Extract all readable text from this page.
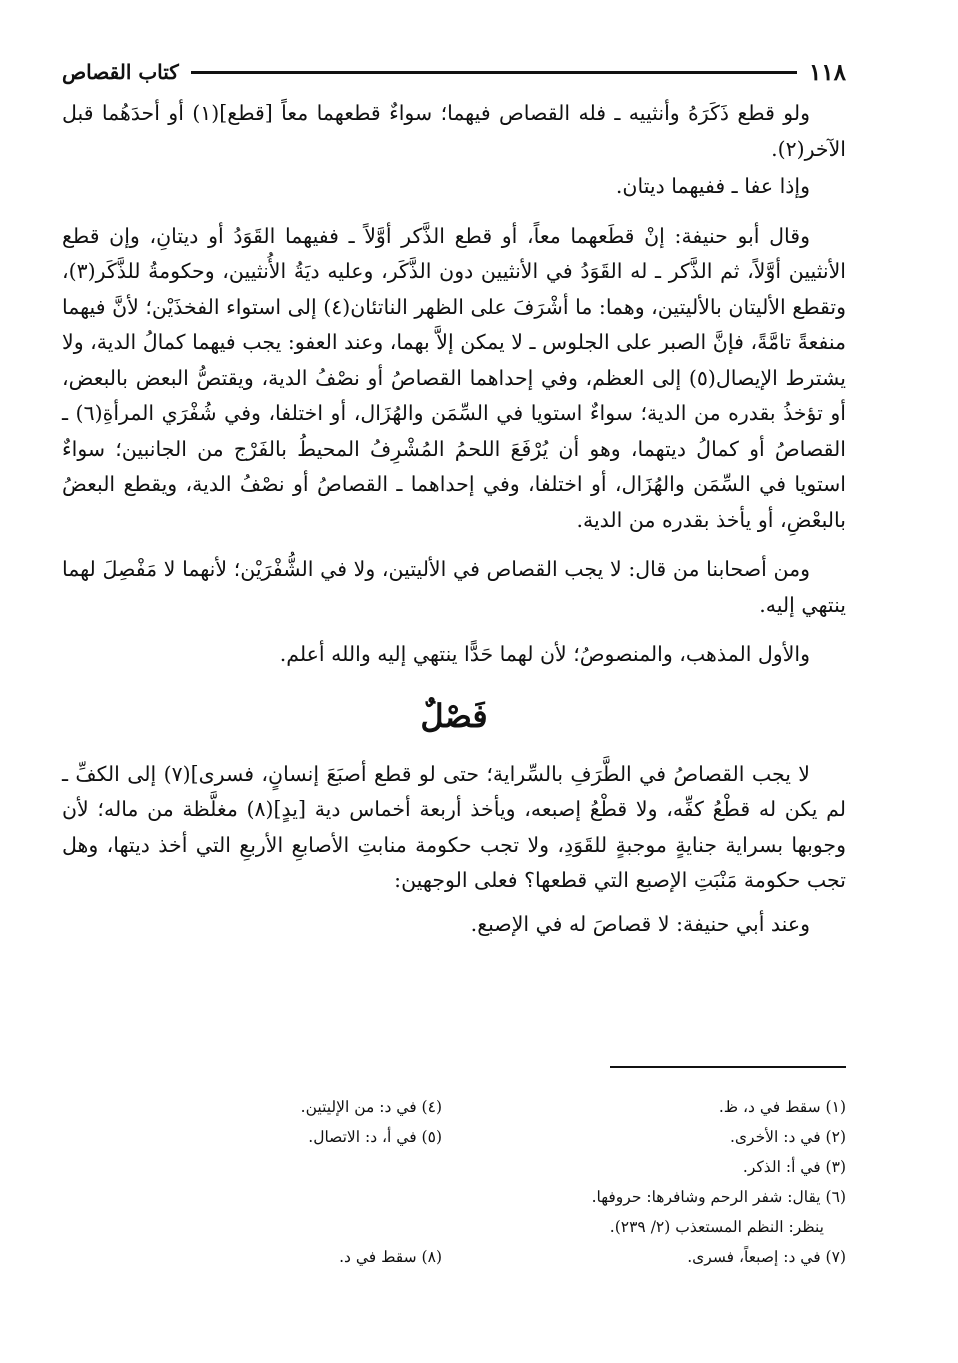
١١٨
كتاب القصاص

ولو قطع ذَكَرَهُ وأنثييه ـ فله القصاص فيهما؛ سواءٌ قطعهما معاً [قطع](١) أو أحدَهُما قبل الآخر(٢).

وإذا عفا ـ ففيهما ديتان.

وقال أبو حنيفة: إنْ قطَعهما معاً، أو قطع الذَّكر أوَّلاً ـ ففيهما القَوَدُ أو ديتانِ، وإن قطع الأنثيين أوَّلاً، ثم الذَّكر ـ له القَوَدُ في الأنثيين دون الذَّكَر، وعليه ديَةُ الأُنثيين، وحكومةُ للذَّكَر(٣)، وتقطع الأليتان بالأليتين، وهما: ما أشْرَفَ على الظهر الناتئان(٤) إلى استواء الفخذَيْن؛ لأنَّ فيهما منفعةً تامَّةً، فإنَّ الصبر على الجلوس ـ لا يمكن إلاَّ بهما، وعند العفو: يجب فيهما كمالُ الدية، ولا يشترط الإيصال(٥) إلى العظم، وفي إحداهما القصاصُ أو نصْفُ الدية، ويقتصُّ البعض بالبعض، أو تؤخذُ بقدره من الدية؛ سواءٌ استويا في السِّمَن والهُزَال، أو اختلفا، وفي شُفْرَي المرأةِ(٦) ـ القصاصُ أو كمالُ ديتهما، وهو أن يُرْفَعَ اللحمُ المُشْرِفُ المحيطُ بالفَرْج من الجانبين؛ سواءٌ استويا في السِّمَن والهُزَال، أو اختلفا، وفي إحداهما ـ القصاصُ أو نصْفُ الدية، ويقطع البعضُ بالبعْضِ، أو يأخذ بقدره من الدية.

ومن أصحابنا من قال: لا يجب القصاص في الأليتين، ولا في الشُّفْرَيْن؛ لأنهما لا مَفْصِلَ لهما ينتهي إليه.

والأول المذهب، والمنصوصُ؛ لأن لهما حَدًّا ينتهي إليه والله أعلم.

فَصْلٌ

لا يجب القصاصُ في الطَّرَفِ بالسِّراية؛ حتى لو قطع أصبَعَ إنسانٍ، فسرى](٧) إلى الكفِّ ـ لم يكن له قطْعُ كفِّه، ولا قطْعُ إصبعه، ويأخذ أربعة أخماس دية [يدٍ](٨) مغلَّظة من ماله؛ لأن وجوبها بسراية جنايةٍ موجبةٍ للقَوَدِ، ولا تجب حكومة منابتِ الأصابعِ الأربعِ التي أخذ ديتها، وهل تجب حكومة مَنْبَتِ الإصبع التي قطعها؟ فعلى الوجهين:

وعند أبي حنيفة: لا قصاصَ له في الإصبع.

(١) سقط في د، ظ.
(٢) في د: الأخرى.
(٣) في أ: الذكر.
(٤) في د: من الإليتين.
(٥) في أ، د: الاتصال.
(٦) يقال: شفر الرحم وشافرها: حروفها.
ينظر: النظم المستعذب (٢/ ٢٣٩).
(٧) في د: إصبعاً، فسرى.
(٨) سقط في د.
